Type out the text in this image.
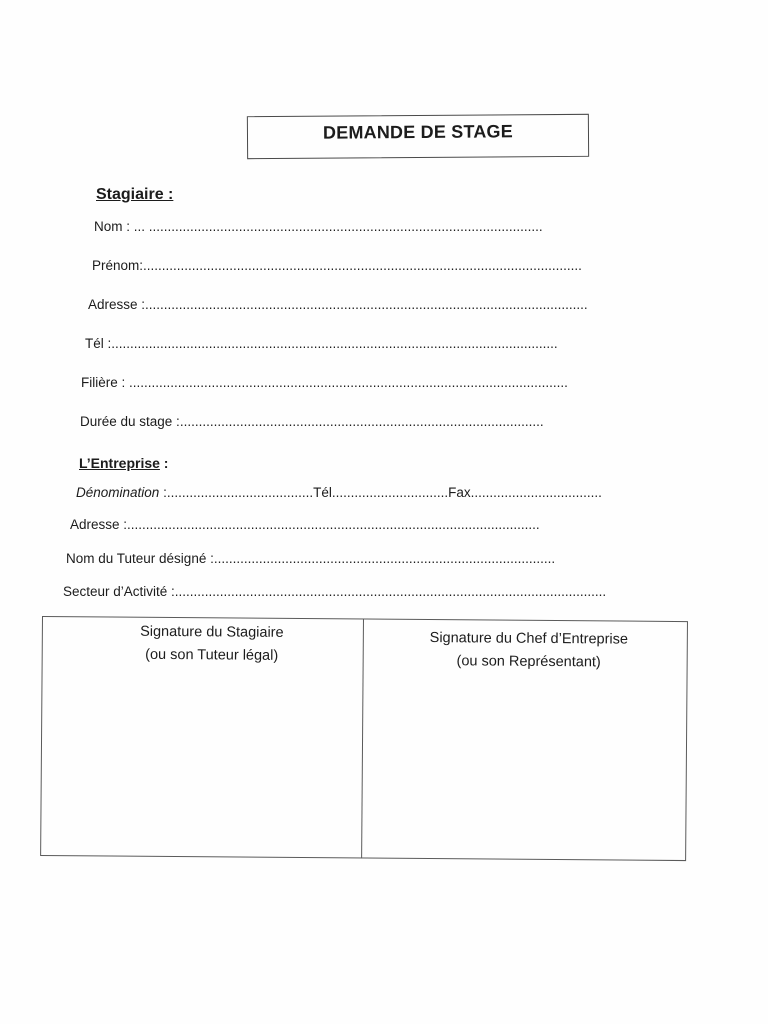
DEMANDE DE STAGE
Stagiaire :
Nom : ... .........................................................................................................
Prénom:.....................................................................................................................
Adresse :......................................................................................................................
Tél :.......................................................................................................................
Filière : .....................................................................................................................
Durée du stage :.................................................................................................
L’Entreprise :
Dénomination :.......................................Tél...............................Fax...................................
Adresse :..............................................................................................................
Nom du Tuteur désigné :...........................................................................................
Secteur d’Activité :...................................................................................................................
Signature du Stagiaire
(ou son Tuteur légal)
Signature du Chef d’Entreprise
(ou son Représentant)
